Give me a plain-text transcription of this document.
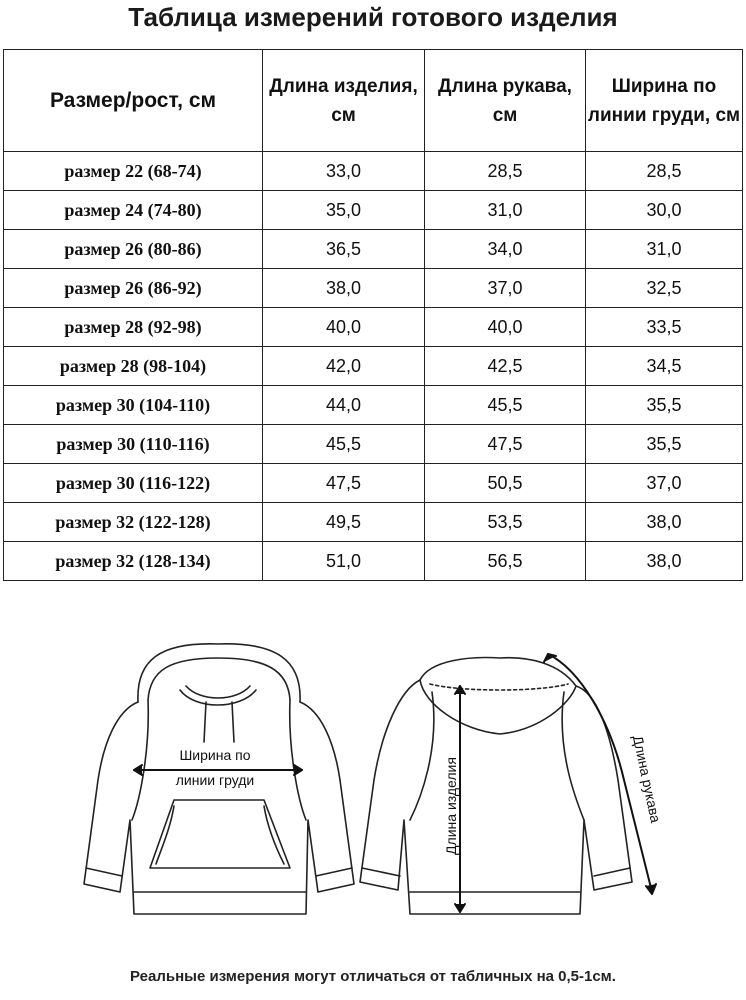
Таблица измерений готового изделия
Размер/рост, см	Длина изделия, см	Длина рукава, см	Ширина по линии груди, см
размер 22 (68-74)	33,0	28,5	28,5
размер 24 (74-80)	35,0	31,0	30,0
размер 26 (80-86)	36,5	34,0	31,0
размер 26 (86-92)	38,0	37,0	32,5
размер 28 (92-98)	40,0	40,0	33,5
размер 28 (98-104)	42,0	42,5	34,5
размер 30 (104-110)	44,0	45,5	35,5
размер 30 (110-116)	45,5	47,5	35,5
размер 30 (116-122)	47,5	50,5	37,0
размер 32 (122-128)	49,5	53,5	38,0
размер 32 (128-134)	51,0	56,5	38,0
Ширина по
линии груди	Длина изделия	Длина рукава
Реальные измерения могут отличаться от табличных на 0,5-1см.
